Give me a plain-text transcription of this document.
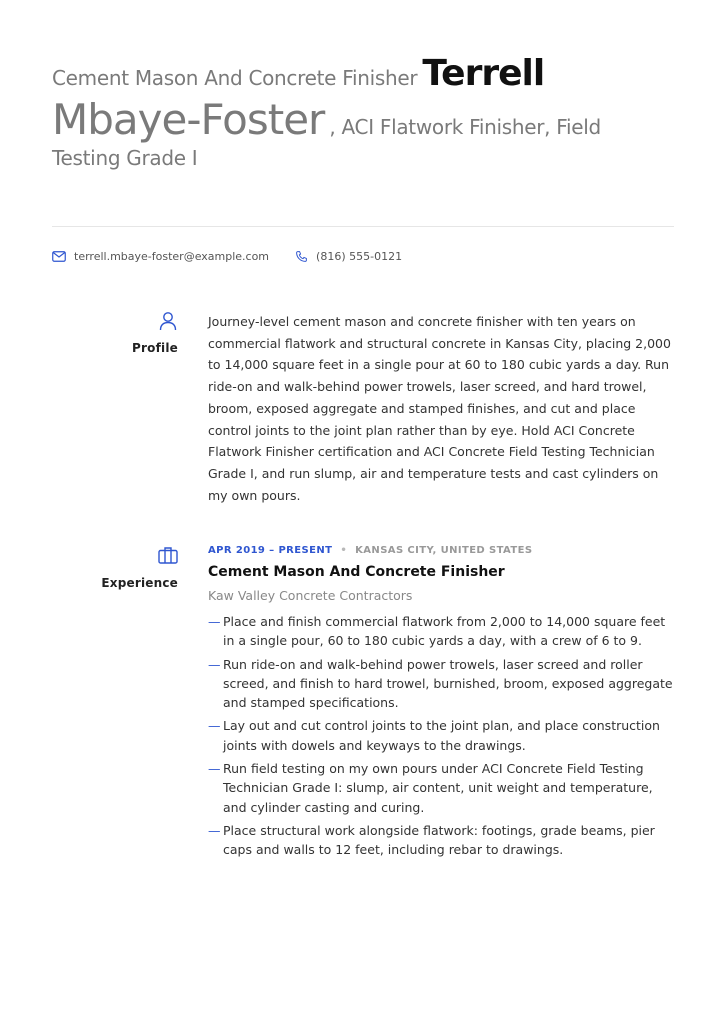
Cement Mason And Concrete Finisher Terrell Mbaye-Foster , ACI Flatwork Finisher, Field Testing Grade I
terrell.mbaye-foster@example.com	(816) 555-0121
Profile
Journey-level cement mason and concrete finisher with ten years on commercial flatwork and structural concrete in Kansas City, placing 2,000 to 14,000 square feet in a single pour at 60 to 180 cubic yards a day. Run ride-on and walk-behind power trowels, laser screed, and hard trowel, broom, exposed aggregate and stamped finishes, and cut and place control joints to the joint plan rather than by eye. Hold ACI Concrete Flatwork Finisher certification and ACI Concrete Field Testing Technician Grade I, and run slump, air and temperature tests and cast cylinders on my own pours.
Experience
APR 2019 – PRESENT • KANSAS CITY, UNITED STATES
Cement Mason And Concrete Finisher
Kaw Valley Concrete Contractors
— Place and finish commercial flatwork from 2,000 to 14,000 square feet in a single pour, 60 to 180 cubic yards a day, with a crew of 6 to 9.
— Run ride-on and walk-behind power trowels, laser screed and roller screed, and finish to hard trowel, burnished, broom, exposed aggregate and stamped specifications.
— Lay out and cut control joints to the joint plan, and place construction joints with dowels and keyways to the drawings.
— Run field testing on my own pours under ACI Concrete Field Testing Technician Grade I: slump, air content, unit weight and temperature, and cylinder casting and curing.
— Place structural work alongside flatwork: footings, grade beams, pier caps and walls to 12 feet, including rebar to drawings.
